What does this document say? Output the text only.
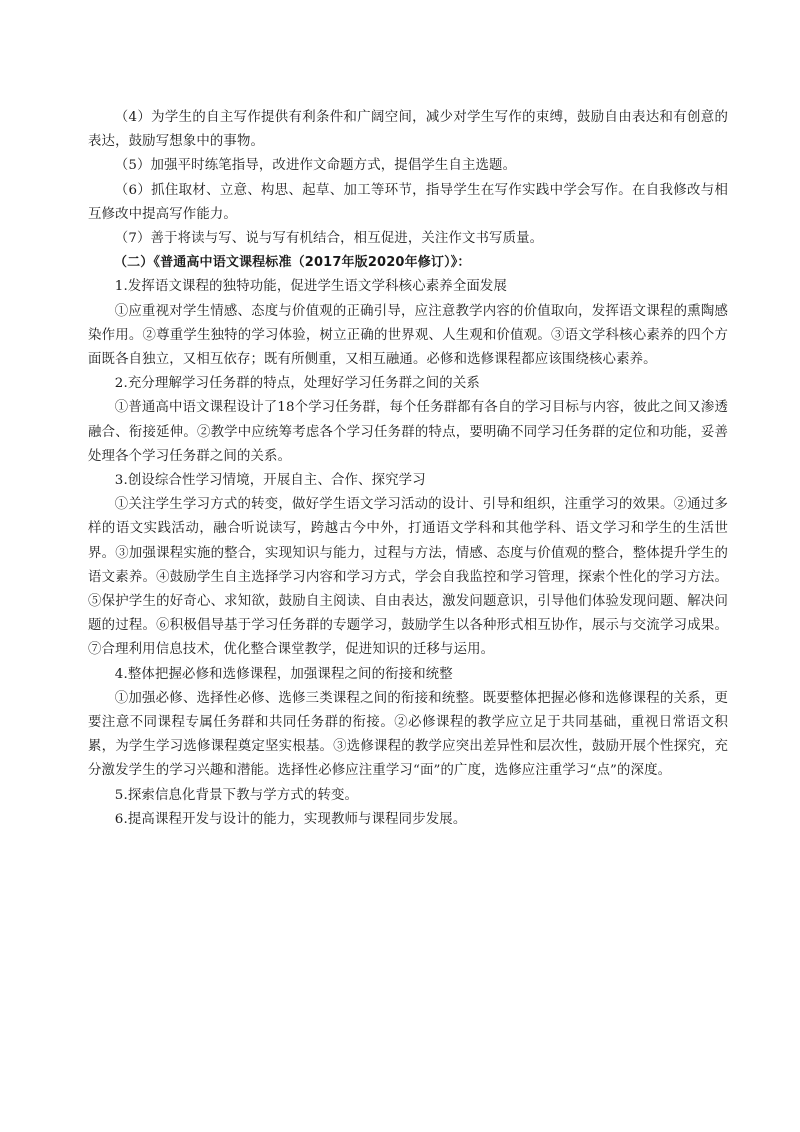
（4）为学生的自主写作提供有利条件和广阔空间，减少对学生写作的束缚，鼓励自由表达和有创意的表达，鼓励写想象中的事物。

（5）加强平时练笔指导，改进作文命题方式，提倡学生自主选题。

（6）抓住取材、立意、构思、起草、加工等环节，指导学生在写作实践中学会写作。在自我修改与相互修改中提高写作能力。

（7）善于将读与写、说与写有机结合，相互促进，关注作文书写质量。

（二）《普通高中语文课程标准（2017年版2020年修订）》：

1.发挥语文课程的独特功能，促进学生语文学科核心素养全面发展

①应重视对学生情感、态度与价值观的正确引导，应注意教学内容的价值取向，发挥语文课程的熏陶感染作用。②尊重学生独特的学习体验，树立正确的世界观、人生观和价值观。③语文学科核心素养的四个方面既各自独立，又相互依存；既有所侧重，又相互融通。必修和选修课程都应该围绕核心素养。

2.充分理解学习任务群的特点，处理好学习任务群之间的关系

①普通高中语文课程设计了18个学习任务群，每个任务群都有各自的学习目标与内容，彼此之间又渗透融合、衔接延伸。②教学中应统筹考虑各个学习任务群的特点，要明确不同学习任务群的定位和功能，妥善处理各个学习任务群之间的关系。

3.创设综合性学习情境，开展自主、合作、探究学习

①关注学生学习方式的转变，做好学生语文学习活动的设计、引导和组织，注重学习的效果。②通过多样的语文实践活动，融合听说读写，跨越古今中外，打通语文学科和其他学科、语文学习和学生的生活世界。③加强课程实施的整合，实现知识与能力，过程与方法，情感、态度与价值观的整合，整体提升学生的语文素养。④鼓励学生自主选择学习内容和学习方式，学会自我监控和学习管理，探索个性化的学习方法。⑤保护学生的好奇心、求知欲，鼓励自主阅读、自由表达，激发问题意识，引导他们体验发现问题、解决问题的过程。⑥积极倡导基于学习任务群的专题学习，鼓励学生以各种形式相互协作，展示与交流学习成果。⑦合理利用信息技术，优化整合课堂教学，促进知识的迁移与运用。

4.整体把握必修和选修课程，加强课程之间的衔接和统整

①加强必修、选择性必修、选修三类课程之间的衔接和统整。既要整体把握必修和选修课程的关系，更要注意不同课程专属任务群和共同任务群的衔接。②必修课程的教学应立足于共同基础，重视日常语文积累，为学生学习选修课程奠定坚实根基。③选修课程的教学应突出差异性和层次性，鼓励开展个性探究，充分激发学生的学习兴趣和潜能。选择性必修应注重学习“面”的广度，选修应注重学习“点”的深度。

5.探索信息化背景下教与学方式的转变。

6.提高课程开发与设计的能力，实现教师与课程同步发展。
